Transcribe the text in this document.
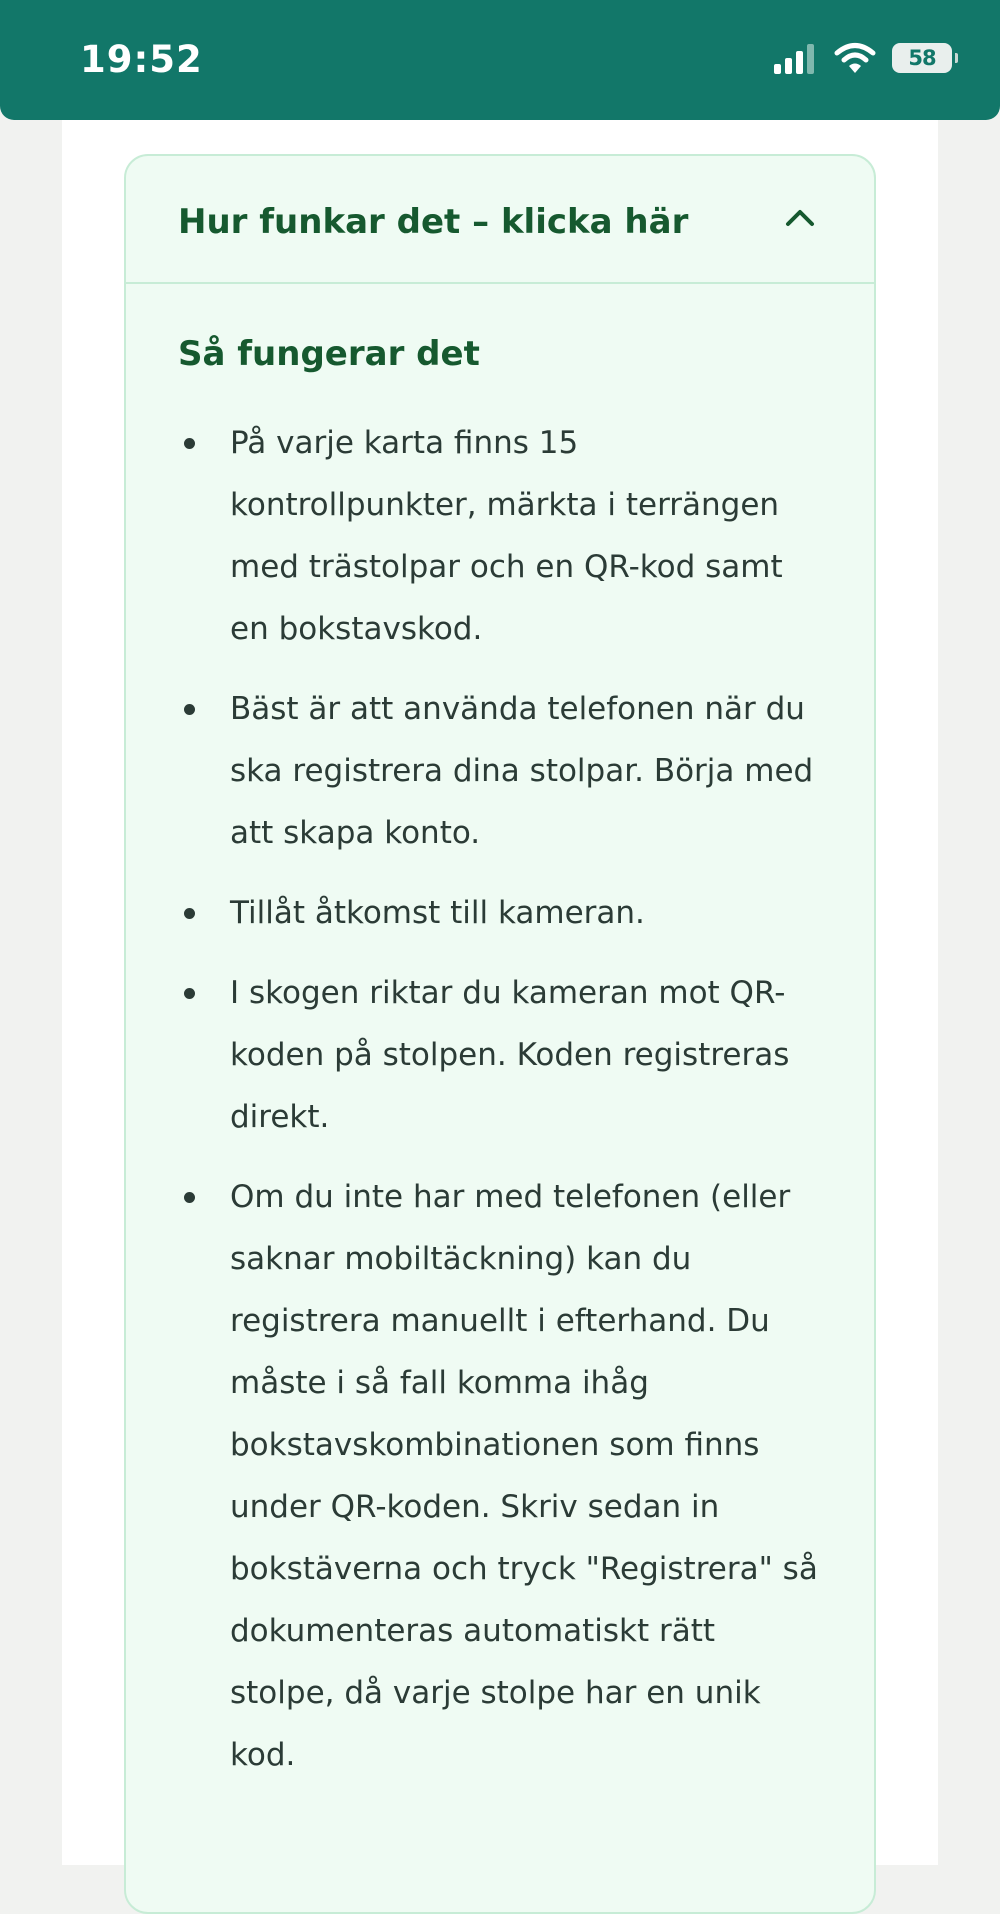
19:52	58
Hur funkar det – klicka här
Så fungerar det
På varje karta finns 15 kontrollpunkter, märkta i terrängen med trästolpar och en QR-kod samt en bokstavskod.
Bäst är att använda telefonen när du ska registrera dina stolpar. Börja med att skapa konto.
Tillåt åtkomst till kameran.
I skogen riktar du kameran mot QR-koden på stolpen. Koden registreras direkt.
Om du inte har med telefonen (eller saknar mobiltäckning) kan du registrera manuellt i efterhand. Du måste i så fall komma ihåg bokstavskombinationen som finns under QR-koden. Skriv sedan in bokstäverna och tryck "Registrera" så dokumenteras automatiskt rätt stolpe, då varje stolpe har en unik kod.
